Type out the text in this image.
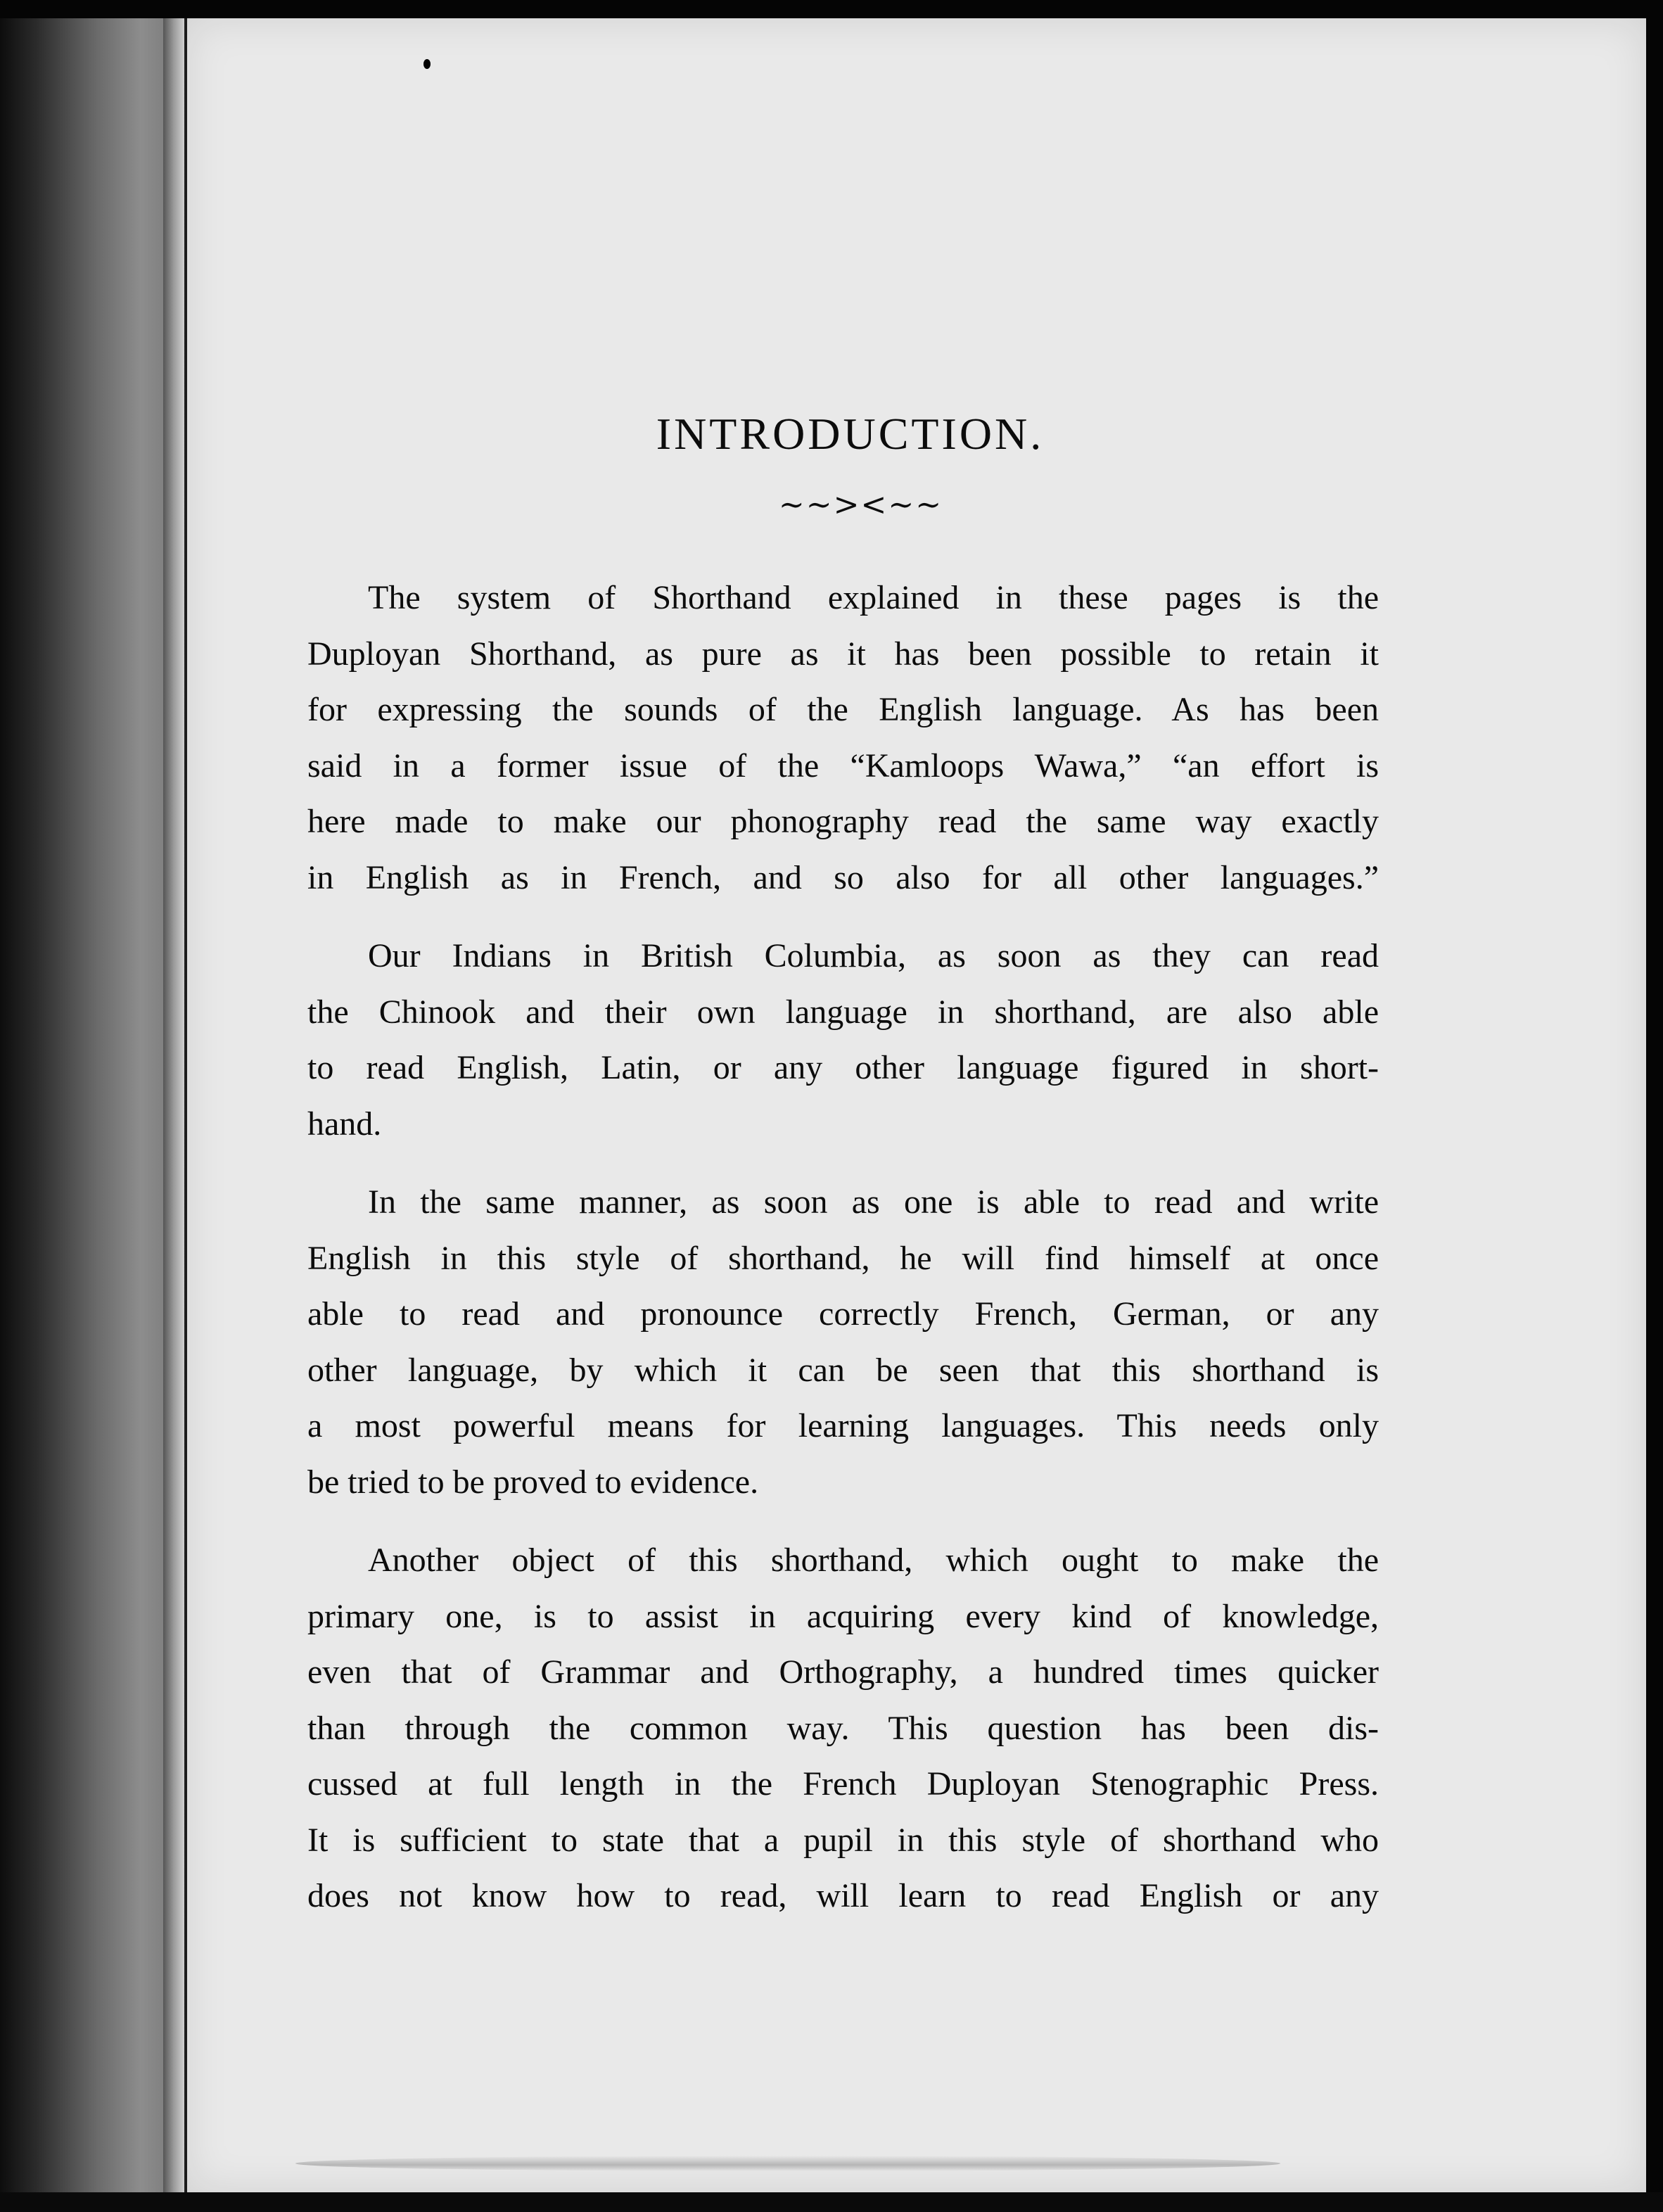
INTRODUCTION.
~~><~~
The system of Shorthand explained in these pages is the
Duployan Shorthand, as pure as it has been possible to retain it
for expressing the sounds of the English language. As has been
said in a former issue of the “Kamloops Wawa,” “an effort is
here made to make our phonography read the same way exactly
in English as in French, and so also for all other languages.”
Our Indians in British Columbia, as soon as they can read
the Chinook and their own language in shorthand, are also able
to read English, Latin, or any other language figured in short-
hand.
In the same manner, as soon as one is able to read and write
English in this style of shorthand, he will find himself at once
able to read and pronounce correctly French, German, or any
other language, by which it can be seen that this shorthand is
a most powerful means for learning languages. This needs only
be tried to be proved to evidence.
Another object of this shorthand, which ought to make the
primary one, is to assist in acquiring every kind of knowledge,
even that of Grammar and Orthography, a hundred times quicker
than through the common way. This question has been dis-
cussed at full length in the French Duployan Stenographic Press.
It is sufficient to state that a pupil in this style of shorthand who
does not know how to read, will learn to read English or any
